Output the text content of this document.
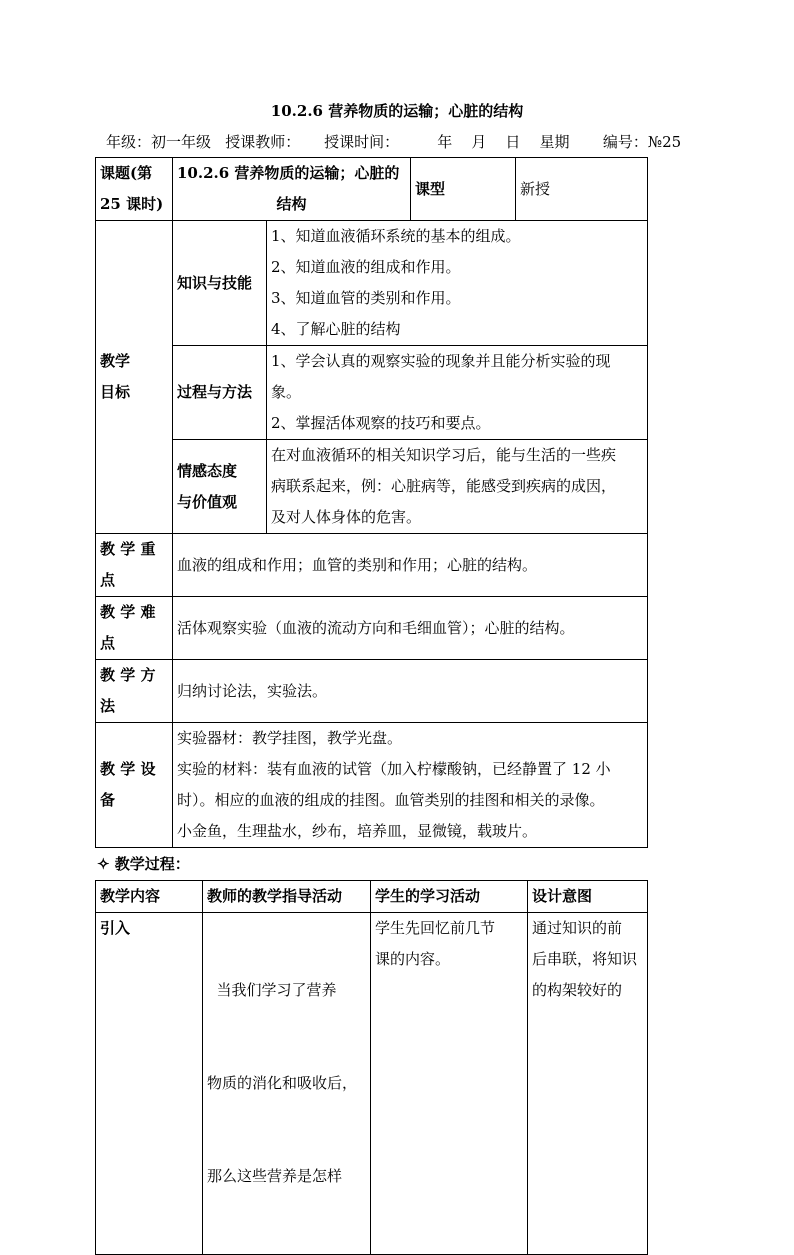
10.2.6 营养物质的运输；心脏的结构
年级：初一年级   授课教师：     授课时间：        年    月    日    星期       编号：№25
课题(第
25 课时)	10.2.6 营养物质的运输；心脏的
结构		课型	新授

教学
目标	知识与技能	1、知道血液循环系统的基本的组成。
2、知道血液的组成和作用。
3、知道血管的类别和作用。
4、了解心脏的结构		

	过程与方法	1、学会认真的观察实验的现象并且能分析实验的现
象。
2、掌握活体观察的技巧和要点。		

	情感态度
与价值观	在对血液循环的相关知识学习后，能与生活的一些疾
病联系起来，例：心脏病等，能感受到疾病的成因，
及对人体身体的危害。		

教 学 重
点	血液的组成和作用；血管的类别和作用；心脏的结构。			

教 学 难
点	活体观察实验（血液的流动方向和毛细血管）；心脏的结构。			

教 学 方
法	归纳讨论法，实验法。			

教 学 设
备	实验器材：教学挂图，教学光盘。
实验的材料：装有血液的试管（加入柠檬酸钠，已经静置了 12 小
时）。相应的血液的组成的挂图。血管类别的挂图和相关的录像。
小金鱼，生理盐水，纱布，培养皿，显微镜，载玻片。			
✧ 教学过程：
教学内容	教师的教学指导活动	学生的学习活动	设计意图
引入	当我们学习了营养

物质的消化和吸收后，

那么这些营养是怎样	学生先回忆前几节
课的内容。	通过知识的前
后串联，将知识
的构架较好的
